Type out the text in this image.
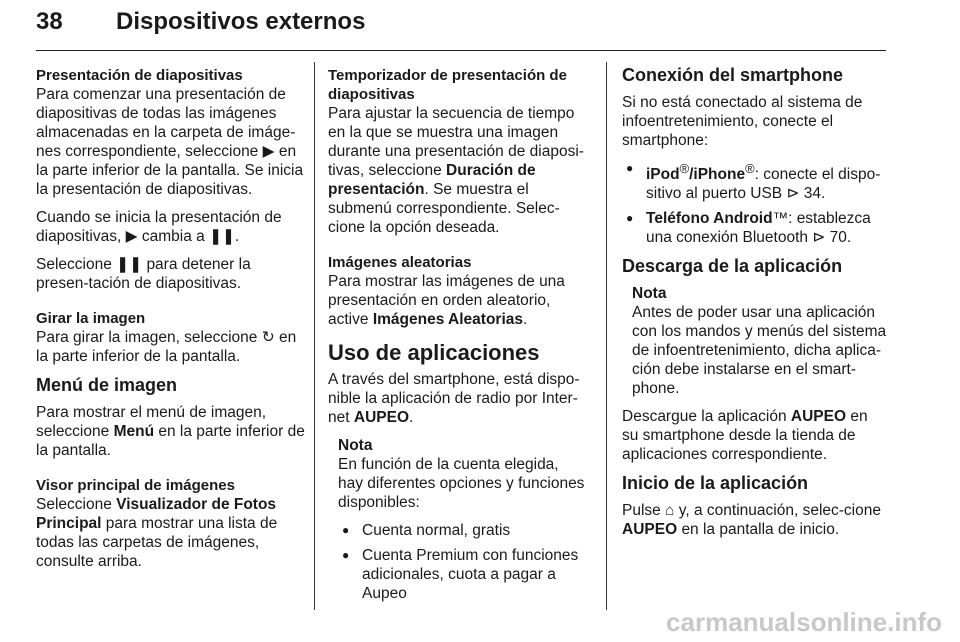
38 Dispositivos externos

Presentación de diapositivas

Para comenzar una presentación de diapositivas de todas las imágenes almacenadas en la carpeta de imáge-nes correspondiente, seleccione ▶ en la parte inferior de la pantalla. Se inicia la presentación de diapositivas.

Cuando se inicia la presentación de diapositivas, ▶ cambia a ❚❚.

Seleccione ❚❚ para detener la presen-tación de diapositivas.

Girar la imagen

Para girar la imagen, seleccione ↻ en la parte inferior de la pantalla.

Menú de imagen

Para mostrar el menú de imagen, seleccione Menú en la parte inferior de la pantalla.

Visor principal de imágenes

Seleccione Visualizador de Fotos Principal para mostrar una lista de todas las carpetas de imágenes, consulte arriba.

Temporizador de presentación de diapositivas

Para ajustar la secuencia de tiempo en la que se muestra una imagen durante una presentación de diaposi-tivas, seleccione Duración de presentación. Se muestra el submenú correspondiente. Selec-cione la opción deseada.

Imágenes aleatorias

Para mostrar las imágenes de una presentación en orden aleatorio, active Imágenes Aleatorias.

Uso de aplicaciones

A través del smartphone, está dispo-nible la aplicación de radio por Inter-net AUPEO.

Nota

En función de la cuenta elegida, hay diferentes opciones y funciones disponibles:

● Cuenta normal, gratis
● Cuenta Premium con funciones adicionales, cuota a pagar a Aupeo

Conexión del smartphone

Si no está conectado al sistema de infoentretenimiento, conecte el smartphone:

● iPod®/iPhone®: conecte el dispo-sitivo al puerto USB ⊳ 34.
● Teléfono Android™: establezca una conexión Bluetooth ⊳ 70.

Descarga de la aplicación

Nota

Antes de poder usar una aplicación con los mandos y menús del sistema de infoentretenimiento, dicha aplica-ción debe instalarse en el smart-phone.

Descargue la aplicación AUPEO en su smartphone desde la tienda de aplicaciones correspondiente.

Inicio de la aplicación

Pulse ⌂ y, a continuación, selec-cione AUPEO en la pantalla de inicio.

carmanualsonline.info
